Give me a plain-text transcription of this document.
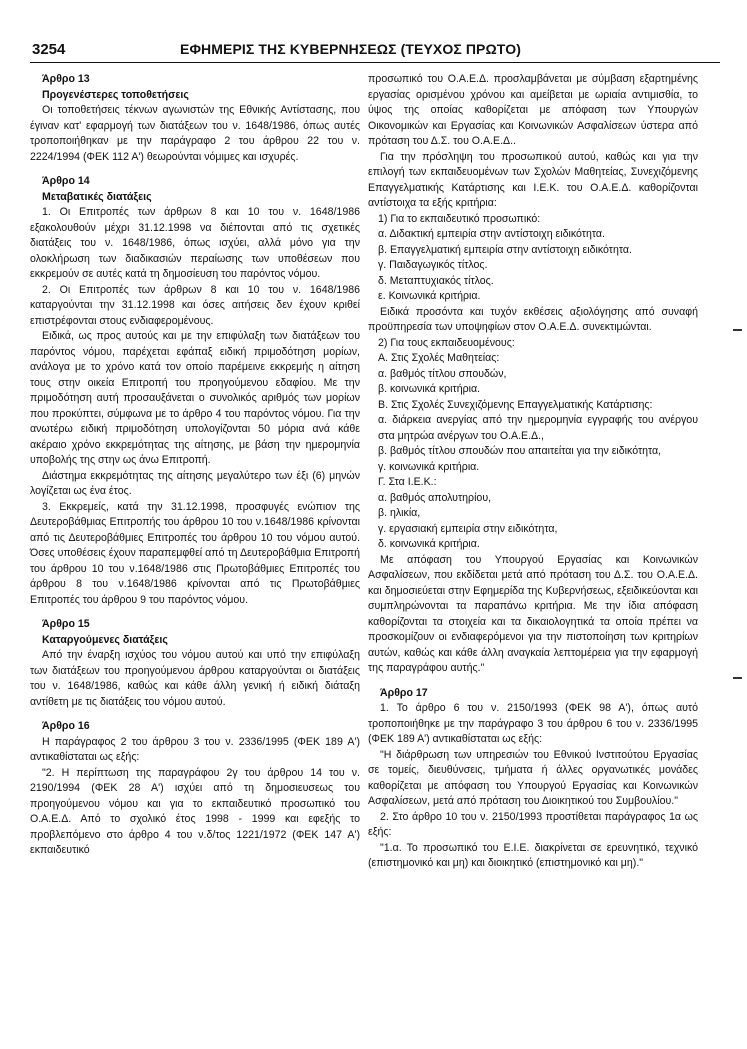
3254	ΕΦΗΜΕΡΙΣ ΤΗΣ ΚΥΒΕΡΝΗΣΕΩΣ (ΤΕΥΧΟΣ ΠΡΩΤΟ)

Άρθρο 13

Προγενέστερες τοποθετήσεις

Οι τοποθετήσεις τέκνων αγωνιστών της Εθνικής Αντίστασης, που έγιναν κατ' εφαρμογή των διατάξεων του ν. 1648/1986, όπως αυτές τροποποιήθηκαν με την παράγραφο 2 του άρθρου 22 του ν. 2224/1994 (ΦΕΚ 112 Α') θεωρούνται νόμιμες και ισχυρές.

Άρθρο 14

Μεταβατικές διατάξεις

1. Οι Επιτροπές των άρθρων 8 και 10 του ν. 1648/1986 εξακολουθούν μέχρι 31.12.1998 να διέπονται από τις σχετικές διατάξεις του ν. 1648/1986, όπως ισχύει, αλλά μόνο για την ολοκλήρωση των διαδικασιών περαίωσης των υποθέσεων που εκκρεμούν σε αυτές κατά τη δημοσίευση του παρόντος νόμου.

2. Οι Επιτροπές των άρθρων 8 και 10 του ν. 1648/1986 καταργούνται την 31.12.1998 και όσες αιτήσεις δεν έχουν κριθεί επιστρέφονται στους ενδιαφερομένους.

Ειδικά, ως προς αυτούς και με την επιφύλαξη των διατάξεων του παρόντος νόμου, παρέχεται εφάπαξ ειδική πριμοδότηση μορίων, ανάλογα με το χρόνο κατά τον οποίο παρέμεινε εκκρεμής η αίτηση τους στην οικεία Επιτροπή του προηγούμενου εδαφίου. Με την πριμοδότηση αυτή προσαυξάνεται ο συνολικός αριθμός των μορίων που προκύπτει, σύμφωνα με το άρθρο 4 του παρόντος νόμου. Για την ανωτέρω ειδική πριμοδότηση υπολογίζονται 50 μόρια ανά κάθε ακέραιο χρόνο εκκρεμότητας της αίτησης, με βάση την ημερομηνία υποβολής της στην ως άνω Επιτροπή.

Διάστημα εκκρεμότητας της αίτησης μεγαλύτερο των έξι (6) μηνών λογίζεται ως ένα έτος.

3. Εκκρεμείς, κατά την 31.12.1998, προσφυγές ενώπιον της Δευτεροβάθμιας Επιτροπής του άρθρου 10 του ν.1648/1986 κρίνονται από τις Δευτεροβάθμιες Επιτροπές του άρθρου 10 του νόμου αυτού. Όσες υποθέσεις έχουν παραπεμφθεί από τη Δευτεροβάθμια Επιτροπή του άρθρου 10 του ν.1648/1986 στις Πρωτοβάθμιες Επιτροπές του άρθρου 8 του ν.1648/1986 κρίνονται από τις Πρωτοβάθμιες Επιτροπές του άρθρου 9 του παρόντος νόμου.

Άρθρο 15

Καταργούμενες διατάξεις

Από την έναρξη ισχύος του νόμου αυτού και υπό την επιφύλαξη των διατάξεων του προηγούμενου άρθρου καταργούνται οι διατάξεις του ν. 1648/1986, καθώς και κάθε άλλη γενική ή ειδική διάταξη αντίθετη με τις διατάξεις του νόμου αυτού.

Άρθρο 16

Η παράγραφος 2 του άρθρου 3 του ν. 2336/1995 (ΦΕΚ 189 Α') αντικαθίσταται ως εξής:

"2. Η περίπτωση της παραγράφου 2γ του άρθρου 14 του ν. 2190/1994 (ΦΕΚ 28 Α') ισχύει από τη δημοσιευσεως του προηγούμενου νόμου και για το εκπαιδευτικό προσωπικό του Ο.Α.Ε.Δ. Από το σχολικό έτος 1998 - 1999 και εφεξής το προβλεπόμενο στο άρθρο 4 του ν.δ/τος 1221/1972 (ΦΕΚ 147 Α') εκπαιδευτικό

προσωπικό του Ο.Α.Ε.Δ. προσλαμβάνεται με σύμβαση εξαρτημένης εργασίας ορισμένου χρόνου και αμείβεται με ωριαία αντιμισθία, το ύψος της οποίας καθορίζεται με απόφαση των Υπουργών Οικονομικών και Εργασίας και Κοινωνικών Ασφαλίσεων ύστερα από πρόταση του Δ.Σ. του Ο.Α.Ε.Δ..

Για την πρόσληψη του προσωπικού αυτού, καθώς και για την επιλογή των εκπαιδευομένων των Σχολών Μαθητείας, Συνεχιζόμενης Επαγγελματικής Κατάρτισης και Ι.Ε.Κ. του Ο.Α.Ε.Δ. καθορίζονται αντίστοιχα τα εξής κριτήρια:

1) Για το εκπαιδευτικό προσωπικό:

α. Διδακτική εμπειρία στην αντίστοιχη ειδικότητα.

β. Επαγγελματική εμπειρία στην αντίστοιχη ειδικότητα.

γ. Παιδαγωγικός τίτλος.

δ. Μεταπτυχιακός τίτλος.

ε. Κοινωνικά κριτήρια.

Ειδικά προσόντα και τυχόν εκθέσεις αξιολόγησης από συναφή προϋπηρεσία των υποψηφίων στον Ο.Α.Ε.Δ. συνεκτιμώνται.

2) Για τους εκπαιδευομένους:

Α. Στις Σχολές Μαθητείας:

α. βαθμός τίτλου σπουδών,

β. κοινωνικά κριτήρια.

Β. Στις Σχολές Συνεχιζόμενης Επαγγελματικής Κατάρτισης:

α. διάρκεια ανεργίας από την ημερομηνία εγγραφής του ανέργου στα μητρώα ανέργων του Ο.Α.Ε.Δ.,

β. βαθμός τίτλου σπουδών που απαιτείται για την ειδικότητα,

γ. κοινωνικά κριτήρια.

Γ. Στα Ι.Ε.Κ.:

α. βαθμός απολυτηρίου,

β. ηλικία,

γ. εργασιακή εμπειρία στην ειδικότητα,

δ. κοινωνικά κριτήρια.

Με απόφαση του Υπουργού Εργασίας και Κοινωνικών Ασφαλίσεων, που εκδίδεται μετά από πρόταση του Δ.Σ. του Ο.Α.Ε.Δ. και δημοσιεύεται στην Εφημερίδα της Κυβερνήσεως, εξειδικεύονται και συμπληρώνονται τα παραπάνω κριτήρια. Με την ίδια απόφαση καθορίζονται τα στοιχεία και τα δικαιολογητικά τα οποία πρέπει να προσκομίζουν οι ενδιαφερόμενοι για την πιστοποίηση των κριτηρίων αυτών, καθώς και κάθε άλλη αναγκαία λεπτομέρεια για την εφαρμογή της παραγράφου αυτής."

Άρθρο 17

1. Το άρθρο 6 του ν. 2150/1993 (ΦΕΚ 98 Α'), όπως αυτό τροποποιήθηκε με την παράγραφο 3 του άρθρου 6 του ν. 2336/1995 (ΦΕΚ 189 Α') αντικαθίσταται ως εξής:

"Η διάρθρωση των υπηρεσιών του Εθνικού Ινστιτούτου Εργασίας σε τομείς, διευθύνσεις, τμήματα ή άλλες οργανωτικές μονάδες καθορίζεται με απόφαση του Υπουργού Εργασίας και Κοινωνικών Ασφαλίσεων, μετά από πρόταση του Διοικητικού του Συμβουλίου."

2. Στο άρθρο 10 του ν. 2150/1993 προστίθεται παράγραφος 1α ως εξής:

"1.α. Το προσωπικό του Ε.Ι.Ε. διακρίνεται σε ερευνητικό, τεχνικό (επιστημονικό και μη) και διοικητικό (επιστημονικό και μη)."
